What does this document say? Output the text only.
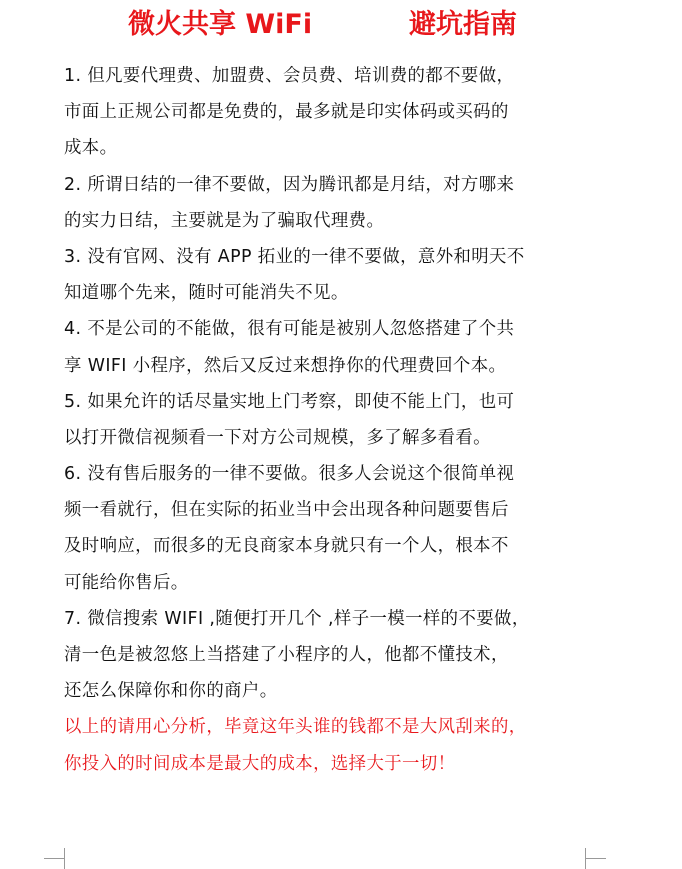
微火共享 WiFi	避坑指南
1. 但凡要代理费、加盟费、会员费、培训费的都不要做，
市面上正规公司都是免费的，最多就是印实体码或买码的
成本。
2. 所谓日结的一律不要做，因为腾讯都是月结，对方哪来
的实力日结，主要就是为了骗取代理费。
3. 没有官网、没有 APP 拓业的一律不要做，意外和明天不
知道哪个先来，随时可能消失不见。
4. 不是公司的不能做，很有可能是被别人忽悠搭建了个共
享 WIFI 小程序，然后又反过来想挣你的代理费回个本。
5. 如果允许的话尽量实地上门考察，即使不能上门，也可
以打开微信视频看一下对方公司规模，多了解多看看。
6. 没有售后服务的一律不要做。很多人会说这个很简单视
频一看就行，但在实际的拓业当中会出现各种问题要售后
及时响应，而很多的无良商家本身就只有一个人，根本不
可能给你售后。
7. 微信搜索 WIFI ,随便打开几个 ,样子一模一样的不要做，
清一色是被忽悠上当搭建了小程序的人，他都不懂技术，
还怎么保障你和你的商户。
以上的请用心分析，毕竟这年头谁的钱都不是大风刮来的，
你投入的时间成本是最大的成本，选择大于一切！
